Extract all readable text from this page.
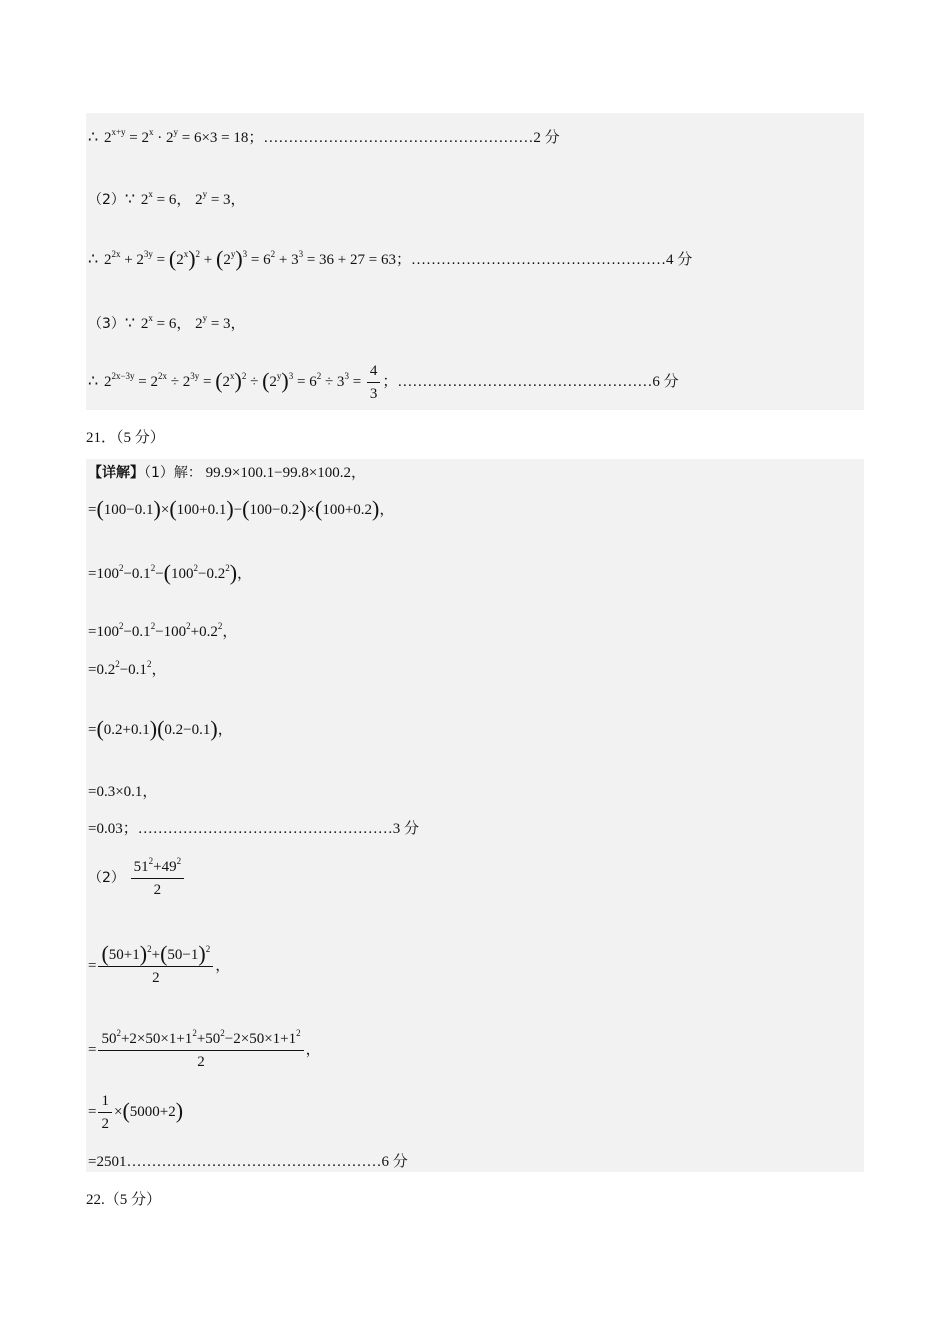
∴ $2^{x+y} = 2^x \cdot 2^y = 6\times 3 = 18$；………………………………………………2 分
（2）∵ $2^x = 6$， $2^y = 3$，
∴ $2^{2x} + 2^{3y} = (2^x)^2 + (2^y)^3 = 6^2 + 3^3 = 36 + 27 = 63$；……………………………………………4 分
（3）∵ $2^x = 6$， $2^y = 3$，
∴ $2^{2x-3y} = 2^{2x} \div 2^{3y} = (2^x)^2 \div (2^y)^3 = 6^2 \div 3^3 = \frac{4}{3}$ ；……………………………………………6 分
21．（5 分）
【详解】（1）解： 99.9×100.1−99.8×100.2，
=(100−0.1)×(100+0.1)−(100−0.2)×(100+0.2)，
$=100^2-0.1^2-(100^2-0.2^2)$，
$=100^2-0.1^2-100^2+0.2^2$，
$=0.2^2-0.1^2$，
=(0.2+0.1)(0.2−0.1)，
=0.3×0.1，
=0.03；……………………………………………3 分
$(2) \frac{51^2+49^2}{2}$
= $\frac{(50+1)^2+(50-1)^2}{2}$ ，
= $\frac{50^2+2\times 50\times 1+1^2+50^2-2\times 50\times 1+1^2}{2}$ ，
= $\frac{1}{2} \times(5000+2)$
=2501……………………………………………6 分
22.（5 分）
